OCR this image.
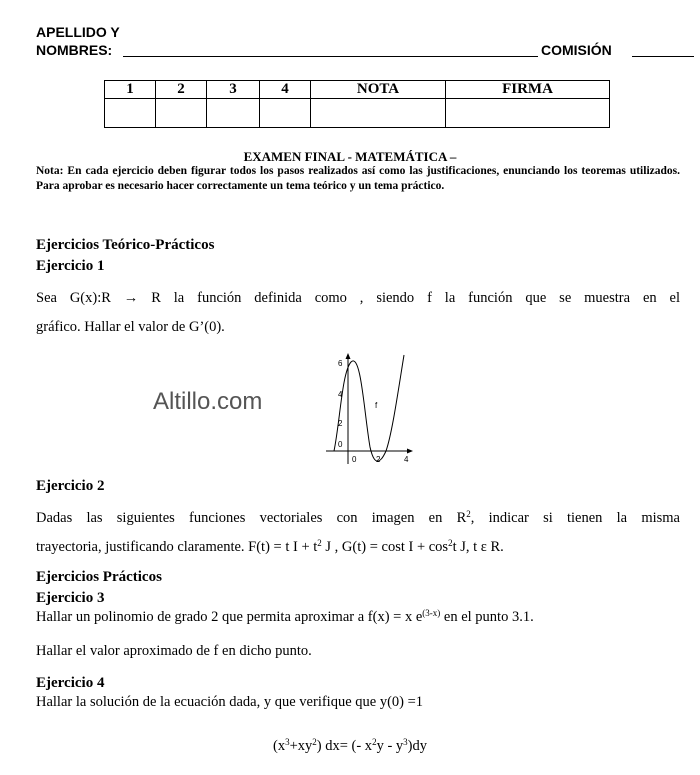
APELLIDO Y
NOMBRES:	COMISIÓN
1	2	3	4	NOTA	FIRMA

EXAMEN FINAL - MATEMÁTICA –
Nota: En cada ejercicio deben figurar todos los pasos realizados así como las justificaciones, enunciando los teoremas utilizados. Para aprobar es necesario hacer correctamente un tema teórico y un tema práctico.
Ejercicios Teórico-Prácticos
Ejercicio 1
Sea G(x):R → R la función definida como , siendo f la función que se muestra en el
gráfico. Hallar el valor de G’(0).
Altillo.com
6
4
2
0
0 2	4
f
Ejercicio 2
Dadas las siguientes funciones vectoriales con imagen en $R^2$, indicar si tienen la misma
trayectoria, justificando claramente. F(t) = t $I + t^2$ J , G(t) = cost $I + \cos^2t$ J, t ε R.
Ejercicios Prácticos
Ejercicio 3
Hallar un polinomio de grado 2 que permita aproximar a f(x) = x $e^{(3-x)}$ en el punto 3.1.
Hallar el valor aproximado de f en dicho punto.
Ejercicio 4
Hallar la solución de la ecuación dada, y que verifique que y(0) =1
$(x^3+xy^2)$ dx= (- $x^2y - y^3)dy$
